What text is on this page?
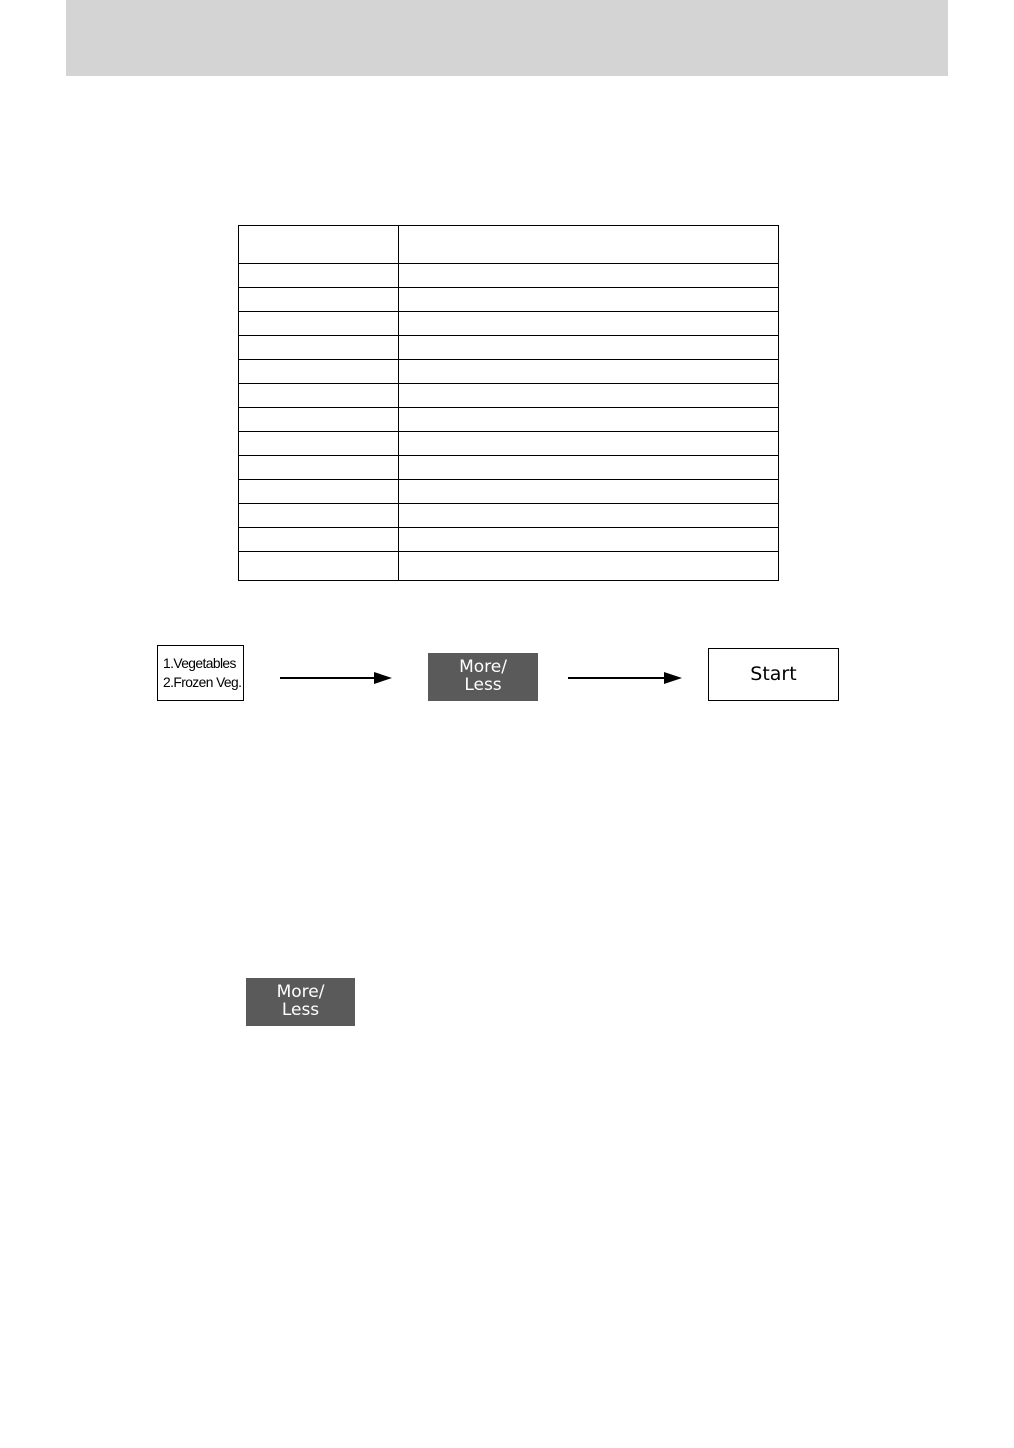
1.Vegetables
2.Frozen Veg.
More/
Less	Start
More/
Less
